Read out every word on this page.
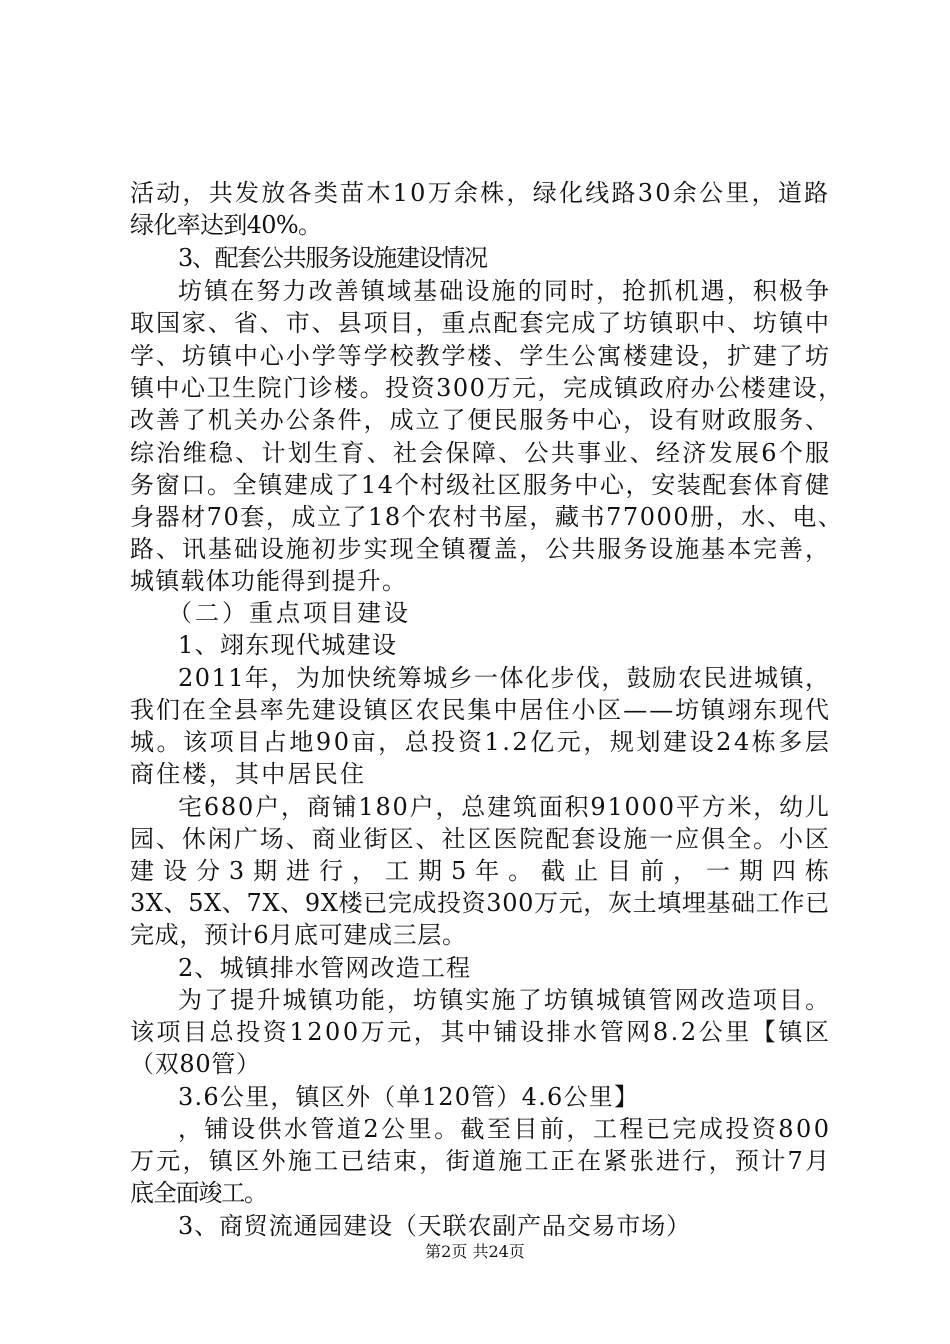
活动，共发放各类苗木10万余株，绿化线路30余公里，道路
绿化率达到40%。
3、配套公共服务设施建设情况
坊镇在努力改善镇域基础设施的同时，抢抓机遇，积极争
取国家、省、市、县项目，重点配套完成了坊镇职中、坊镇中
学、坊镇中心小学等学校教学楼、学生公寓楼建设，扩建了坊
镇中心卫生院门诊楼。投资300万元，完成镇政府办公楼建设，
改善了机关办公条件，成立了便民服务中心，设有财政服务、
综治维稳、计划生育、社会保障、公共事业、经济发展6个服
务窗口。全镇建成了14个村级社区服务中心，安装配套体育健
身器材70套，成立了18个农村书屋，藏书77000册，水、电、
路、讯基础设施初步实现全镇覆盖，公共服务设施基本完善，
城镇载体功能得到提升。
（二）重点项目建设
1、翊东现代城建设
2011年，为加快统筹城乡一体化步伐，鼓励农民进城镇，
我们在全县率先建设镇区农民集中居住小区——坊镇翊东现代
城。该项目占地90亩，总投资1.2亿元，规划建设24栋多层
商住楼，其中居民住
宅680户，商铺180户，总建筑面积91000平方米，幼儿
园、休闲广场、商业街区、社区医院配套设施一应俱全。小区
建设分3期进行，工期5年。截止目前，一期四栋
3X、5X、7X、9X楼已完成投资300万元，灰土填埋基础工作已
完成，预计6月底可建成三层。
2、城镇排水管网改造工程
为了提升城镇功能，坊镇实施了坊镇城镇管网改造项目。
该项目总投资1200万元，其中铺设排水管网8.2公里【镇区
（双80管）
3.6公里，镇区外（单120管）4.6公里】
，铺设供水管道2公里。截至目前，工程已完成投资800
万元，镇区外施工已结束，街道施工正在紧张进行，预计7月
底全面竣工。
3、商贸流通园建设（天联农副产品交易市场）
第2页 共24页
